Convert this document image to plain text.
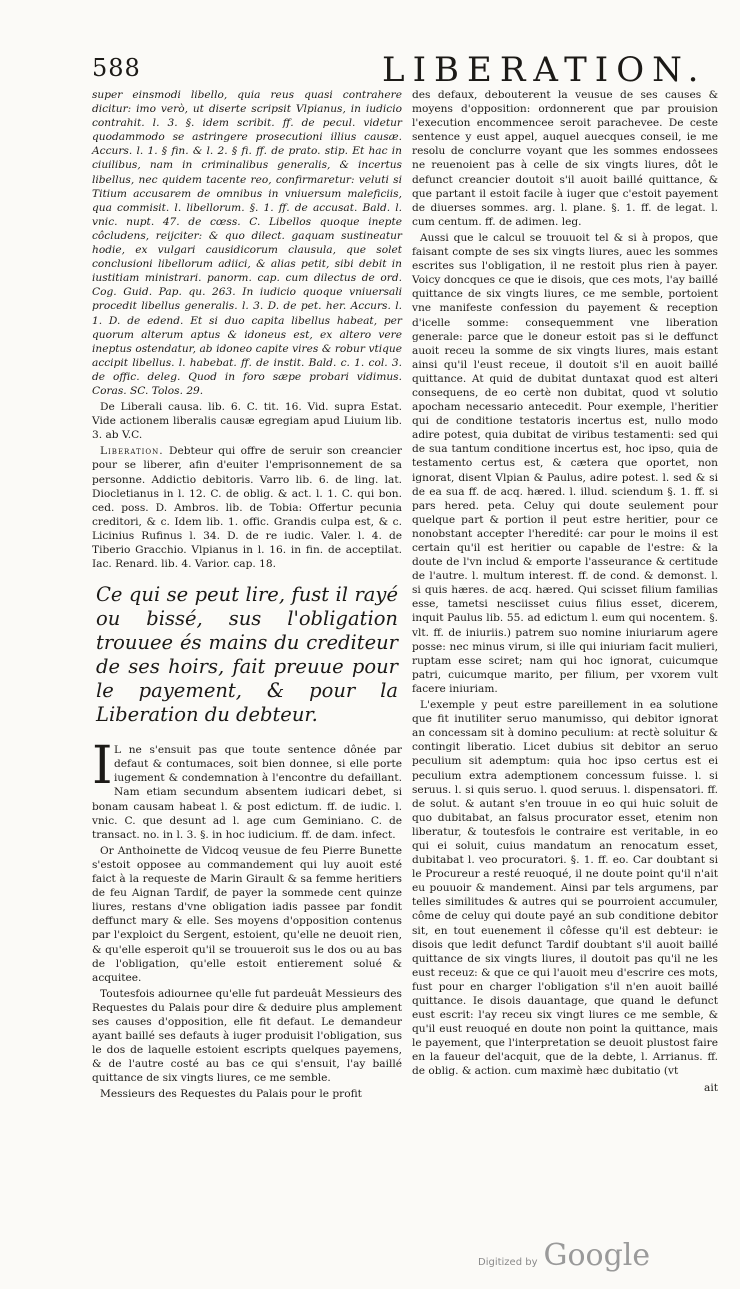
588	LIBERATION.

super einsmodi libello, quia reus quasi contrahere dicitur: imo verò, ut diserte scripsit Vlpianus, in iudicio contrahit. l. 3. §. idem scribit. ff. de pecul. videtur quodammodo se astringere prosecutioni illius causæ. Accurs. l. 1. § fin. & l. 2. § fi. ff. de prato. stip. Et hac in ciuilibus, nam in criminalibus generalis, & incertus libellus, nec quidem tacente reo, confirmaretur: veluti si Titium accusarem de omnibus in vniuersum maleficiis, qua commisit. l. libellorum. §. 1. ff. de accusat. Bald. l. vnic. nupt. 47. de cœss. C. Libellos quoque inepte côcludens, reijciter: & quo dilect. gaquam sustineatur hodie, ex vulgari causidicorum clausula, que solet conclusioni libellorum adiici, & alias petit, sibi debit in iustitiam ministrari. panorm. cap. cum dilectus de ord. Cog. Guid. Pap. qu. 263. In iudicio quoque vniuersali procedit libellus generalis. l. 3. D. de pet. her. Accurs. l. 1. D. de edend. Et si duo capita libellus habeat, per quorum alterum aptus & idoneus est, ex altero vere ineptus ostendatur, ab idoneo capite vires & robur vtique accipit libellus. l. habebat. ff. de instit. Bald. c. 1. col. 3. de offic. deleg. Quod in foro sæpe probari vidimus. Coras. SC. Tolos. 29.

De Liberali causa. lib. 6. C. tit. 16. Vid. supra Estat. Vide actionem liberalis causæ egregiam apud Liuium lib. 3. ab V.C.

Liberation. Debteur qui offre de seruir son creancier pour se liberer, afin d'euiter l'emprisonnement de sa personne. Addictio debitoris. Varro lib. 6. de ling. lat. Diocletianus in l. 12. C. de oblig. & act. l. 1. C. qui bon. ced. poss. D. Ambros. lib. de Tobia: Offertur pecunia creditori, & c. Idem lib. 1. offic. Grandis culpa est, & c. Licinius Rufinus l. 34. D. de re iudic. Valer. l. 4. de Tiberio Gracchio. Vlpianus in l. 16. in fin. de acceptilat. Iac. Renard. lib. 4. Varior. cap. 18.

Ce qui se peut lire, fust il rayé ou bissé, sus l'obligation trouuee és mains du crediteur de ses hoirs, fait preuue pour le payement, & pour la Liberation du debteur.

I L ne s'ensuit pas que toute sentence dônée par defaut & contumaces, soit bien donnee, si elle porte iugement & condemnation à l'encontre du defaillant. Nam etiam secundum absentem iudicari debet, si bonam causam habeat l. & post edictum. ff. de iudic. l. vnic. C. que desunt ad l. age cum Geminiano. C. de transact. no. in l. 3. §. in hoc iudicium. ff. de dam. infect.

Or Anthoinette de Vidcoq veusue de feu Pierre Bunette s'estoit opposee au commandement qui luy auoit esté faict à la requeste de Marin Girault & sa femme heritiers de feu Aignan Tardif, de payer la sommede cent quinze liures, restans d'vne obligation iadis passee par fondit deffunct mary & elle. Ses moyens d'opposition contenus par l'exploict du Sergent, estoient, qu'elle ne deuoit rien, & qu'elle esperoit qu'il se trouueroit sus le dos ou au bas de l'obligation, qu'elle estoit entierement solué & acquitee.

Toutesfois adiournee qu'elle fut pardeuât Messieurs des Requestes du Palais pour dire & deduire plus amplement ses causes d'opposition, elle fit defaut. Le demandeur ayant baillé ses defauts à iuger produisit l'obligation, sus le dos de laquelle estoient escripts quelques payemens, & de l'autre costé au bas ce qui s'ensuit, l'ay baillé quittance de six vingts liures, ce me semble.

Messieurs des Requestes du Palais pour le profit

des defaux, debouterent la veusue de ses causes & moyens d'opposition: ordonnerent que par prouision l'execution encommencee seroit parachevee. De ceste sentence y eust appel, auquel auecques conseil, ie me resolu de conclurre voyant que les sommes endossees ne reuenoient pas à celle de six vingts liures, dôt le defunct creancier doutoit s'il auoit baillé quittance, & que partant il estoit facile à iuger que c'estoit payement de diuerses sommes. arg. l. plane. §. 1. ff. de legat. l. cum centum. ff. de adimen. leg.

Aussi que le calcul se trouuoit tel & si à propos, que faisant compte de ses six vingts liures, auec les sommes escrites sus l'obligation, il ne restoit plus rien à payer. Voicy doncques ce que ie disois, que ces mots, l'ay baillé quittance de six vingts liures, ce me semble, portoient vne manifeste confession du payement & reception d'icelle somme: consequemment vne liberation generale: parce que le doneur estoit pas si le deffunct auoit receu la somme de six vingts liures, mais estant ainsi qu'il l'eust receue, il doutoit s'il en auoit baillé quittance. At quid de dubitat duntaxat quod est alteri consequens, de eo certè non dubitat, quod vt solutio apocham necessario antecedit. Pour exemple, l'heritier qui de conditione testatoris incertus est, nullo modo adire potest, quia dubitat de viribus testamenti: sed qui de sua tantum conditione incertus est, hoc ipso, quia de testamento certus est, & cætera que oportet, non ignorat, disent Vlpian & Paulus, adire potest. l. sed & si de ea sua ff. de acq. hæred. l. illud. sciendum §. 1. ff. si pars hered. peta. Celuy qui doute seulement pour quelque part & portion il peut estre heritier, pour ce nonobstant accepter l'heredité: car pour le moins il est certain qu'il est heritier ou capable de l'estre: & la doute de l'vn includ & emporte l'asseurance & certitude de l'autre. l. multum interest. ff. de cond. & demonst. l. si quis hæres. de acq. hæred. Qui scisset filium familias esse, tametsi nesciisset cuius filius esset, dicerem, inquit Paulus lib. 55. ad edictum l. eum qui nocentem. §. vlt. ff. de iniuriis.) patrem suo nomine iniuriarum agere posse: nec minus virum, si ille qui iniuriam facit mulieri, ruptam esse sciret; nam qui hoc ignorat, cuicumque patri, cuicumque marito, per filium, per vxorem vult facere iniuriam.

L'exemple y peut estre pareillement in ea solutione que fit inutiliter seruo manumisso, qui debitor ignorat an concessam sit à domino peculium: at rectè soluitur & contingit liberatio. Licet dubius sit debitor an seruo peculium sit ademptum: quia hoc ipso certus est ei peculium extra ademptionem concessum fuisse. l. si seruus. l. si quis seruo. l. quod seruus. l. dispensatori. ff. de solut. & autant s'en trouue in eo qui huic soluit de quo dubitabat, an falsus procurator esset, etenim non liberatur, & toutesfois le contraire est veritable, in eo qui ei soluit, cuius mandatum an renocatum esset, dubitabat l. veo procuratori. §. 1. ff. eo. Car doubtant si le Procureur a resté reuoqué, il ne doute point qu'il n'ait eu pouuoir & mandement. Ainsi par tels argumens, par telles similitudes & autres qui se pourroient accumuler, côme de celuy qui doute payé an sub conditione debitor sit, en tout euenement il côfesse qu'il est debteur: ie disois que ledit defunct Tardif doubtant s'il auoit baillé quittance de six vingts liures, il doutoit pas qu'il ne les eust receuz: & que ce qui l'auoit meu d'escrire ces mots, fust pour en charger l'obligation s'il n'en auoit baillé quittance. Ie disois dauantage, que quand le defunct eust escrit: l'ay receu six vingt liures ce me semble, & qu'il eust reuoqué en doute non point la quittance, mais le payement, que l'interpretation se deuoit plustost faire en la faueur del'acquit, que de la debte, l. Arrianus. ff. de oblig. & action. cum maximè hæc dubitatio (vt

ait
Digitized by Google
